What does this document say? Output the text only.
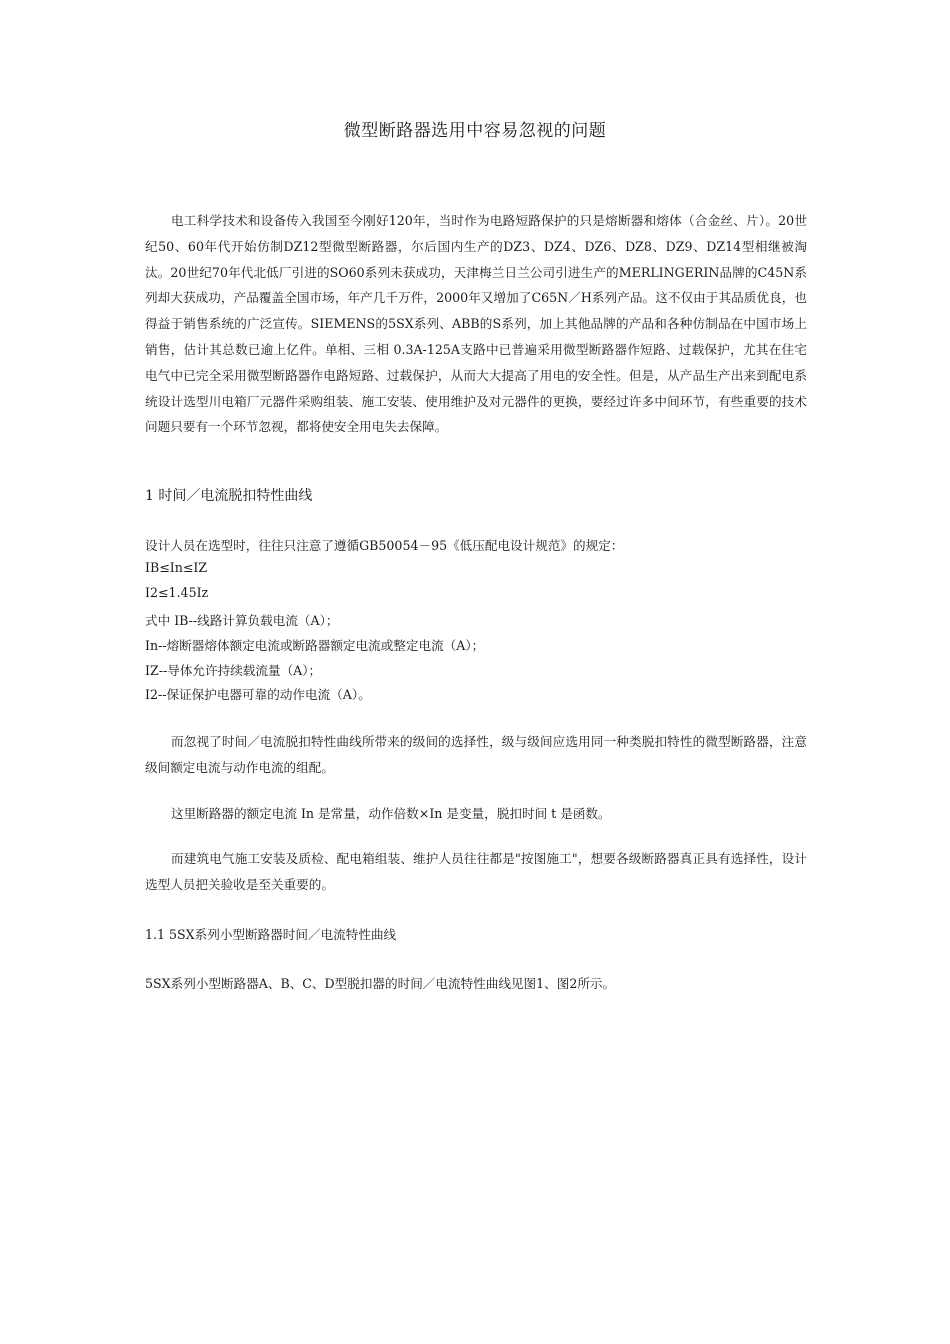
微型断路器选用中容易忽视的问题

电工科学技术和设备传入我国至今刚好120年，当时作为电路短路保护的只是熔断器和熔体（合金丝、片）。20世纪50、60年代开始仿制DZ12型微型断路器，尔后国内生产的DZ3、DZ4、DZ6、DZ8、DZ9、DZ14型相继被淘汰。20世纪70年代北低厂引进的SO60系列未获成功，天津梅兰日兰公司引进生产的MERLINGERIN品牌的C45N系列却大获成功，产品覆盖全国市场，年产几千万件，2000年又增加了C65N／H系列产品。这不仅由于其品质优良，也得益于销售系统的广泛宣传。SIEMENS的5SX系列、ABB的S系列，加上其他品牌的产品和各种仿制品在中国市场上销售，估计其总数已逾上亿件。单相、三相 0.3A-125A支路中已普遍采用微型断路器作短路、过载保护，尤其在住宅电气中已完全采用微型断路器作电路短路、过载保护，从而大大提高了用电的安全性。但是，从产品生产出来到配电系统设计选型川电箱厂元器件采购组装、施工安装、使用维护及对元器件的更换，要经过许多中间环节，有些重要的技术问题只要有一个环节忽视，都将使安全用电失去保障。

1 时间／电流脱扣特性曲线

设计人员在选型时，往往只注意了遵循GB50054－95《低压配电设计规范》的规定：

IB≤In≤IZ

I2≤1.45Iz

式中 IB--线路计算负载电流（A）；

In--熔断器熔体额定电流或断路器额定电流或整定电流（A）；

IZ--导体允许持续载流量（A）；

I2--保证保护电器可靠的动作电流（A）。

而忽视了时间／电流脱扣特性曲线所带来的级间的选择性，级与级间应选用同一种类脱扣特性的微型断路器，注意级间额定电流与动作电流的组配。

这里断路器的额定电流 In 是常量，动作倍数×In 是变量，脱扣时间 t 是函数。

而建筑电气施工安装及质检、配电箱组装、维护人员往往都是"按图施工"，想要各级断路器真正具有选择性，设计选型人员把关验收是至关重要的。

1.1 5SX系列小型断路器时间／电流特性曲线

5SX系列小型断路器A、B、C、D型脱扣器的时间／电流特性曲线见图1、图2所示。
